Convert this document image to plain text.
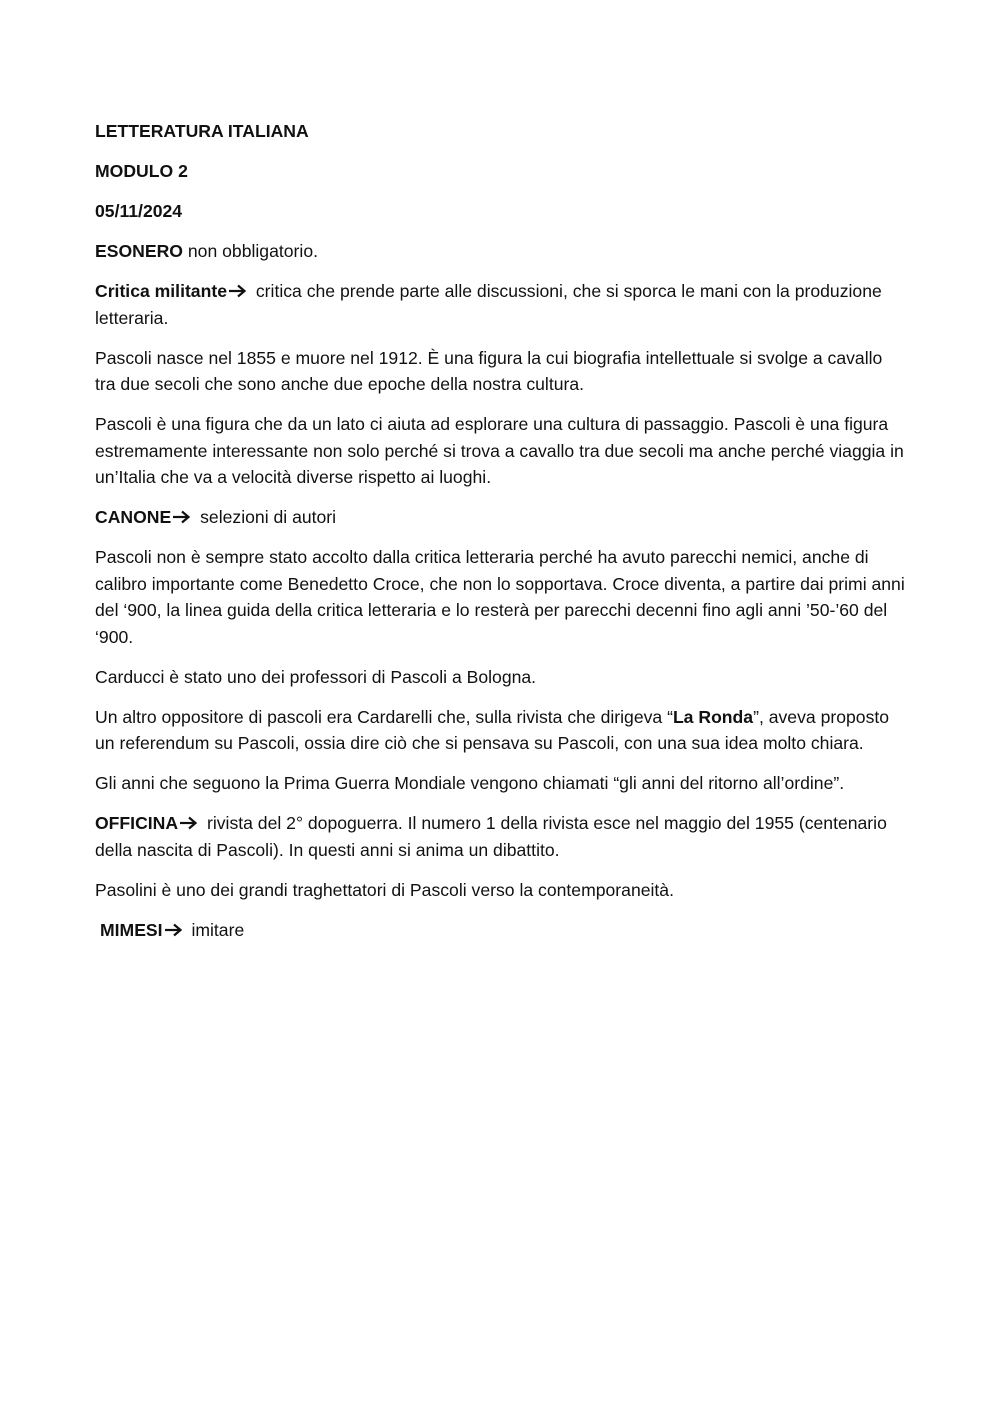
LETTERATURA ITALIANA

MODULO 2

05/11/2024

ESONERO non obbligatorio.

Critica militante
critica che prende parte alle discussioni, che si sporca le mani con la produzione letteraria.

Pascoli nasce nel 1855 e muore nel 1912. È una figura la cui biografia intellettuale si svolge a cavallo tra due secoli che sono anche due epoche della nostra cultura.

Pascoli è una figura che da un lato ci aiuta ad esplorare una cultura di passaggio. Pascoli è una figura estremamente interessante non solo perché si trova a cavallo tra due secoli ma anche perché viaggia in un’Italia che va a velocità diverse rispetto ai luoghi.

CANONE
selezioni di autori

Pascoli non è sempre stato accolto dalla critica letteraria perché ha avuto parecchi nemici, anche di calibro importante come Benedetto Croce, che non lo sopportava. Croce diventa, a partire dai primi anni del ‘900, la linea guida della critica letteraria e lo resterà per parecchi decenni fino agli anni ’50-’60 del ‘900.

Carducci è stato uno dei professori di Pascoli a Bologna.

Un altro oppositore di pascoli era Cardarelli che, sulla rivista che dirigeva “La Ronda”, aveva proposto un referendum su Pascoli, ossia dire ciò che si pensava su Pascoli, con una sua idea molto chiara.

Gli anni che seguono la Prima Guerra Mondiale vengono chiamati “gli anni del ritorno all’ordine”.

OFFICINA
rivista del 2° dopoguerra. Il numero 1 della rivista esce nel maggio del 1955 (centenario della nascita di Pascoli). In questi anni si anima un dibattito.

Pasolini è uno dei grandi traghettatori di Pascoli verso la contemporaneità.

MIMESI
imitare
